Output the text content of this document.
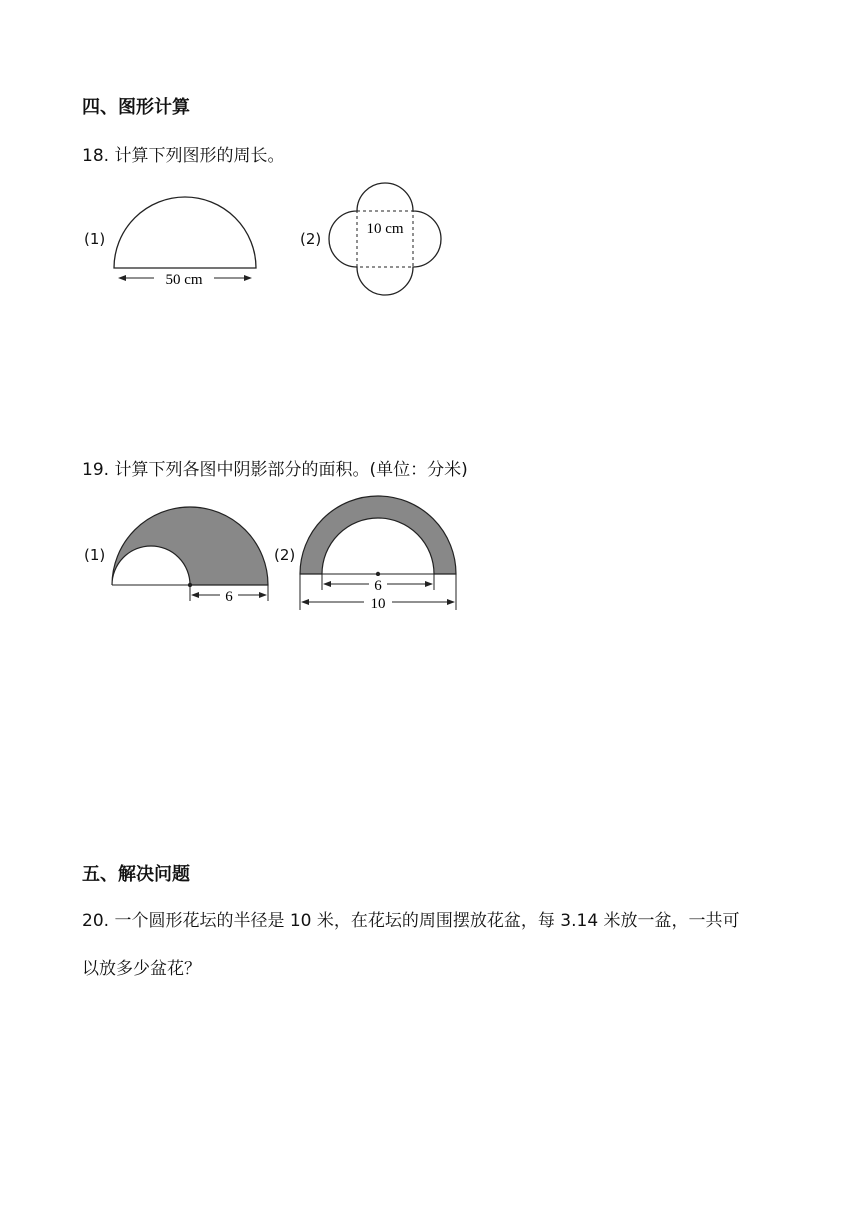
四、图形计算
18. 计算下列图形的周长。
(1)
50 cm
(2)
10 cm
19. 计算下列各图中阴影部分的面积。(单位：分米)
(1)
6
(2)
6
10
五、解决问题
20. 一个圆形花坛的半径是 10 米，在花坛的周围摆放花盆，每 3.14 米放一盆，一共可
以放多少盆花？
